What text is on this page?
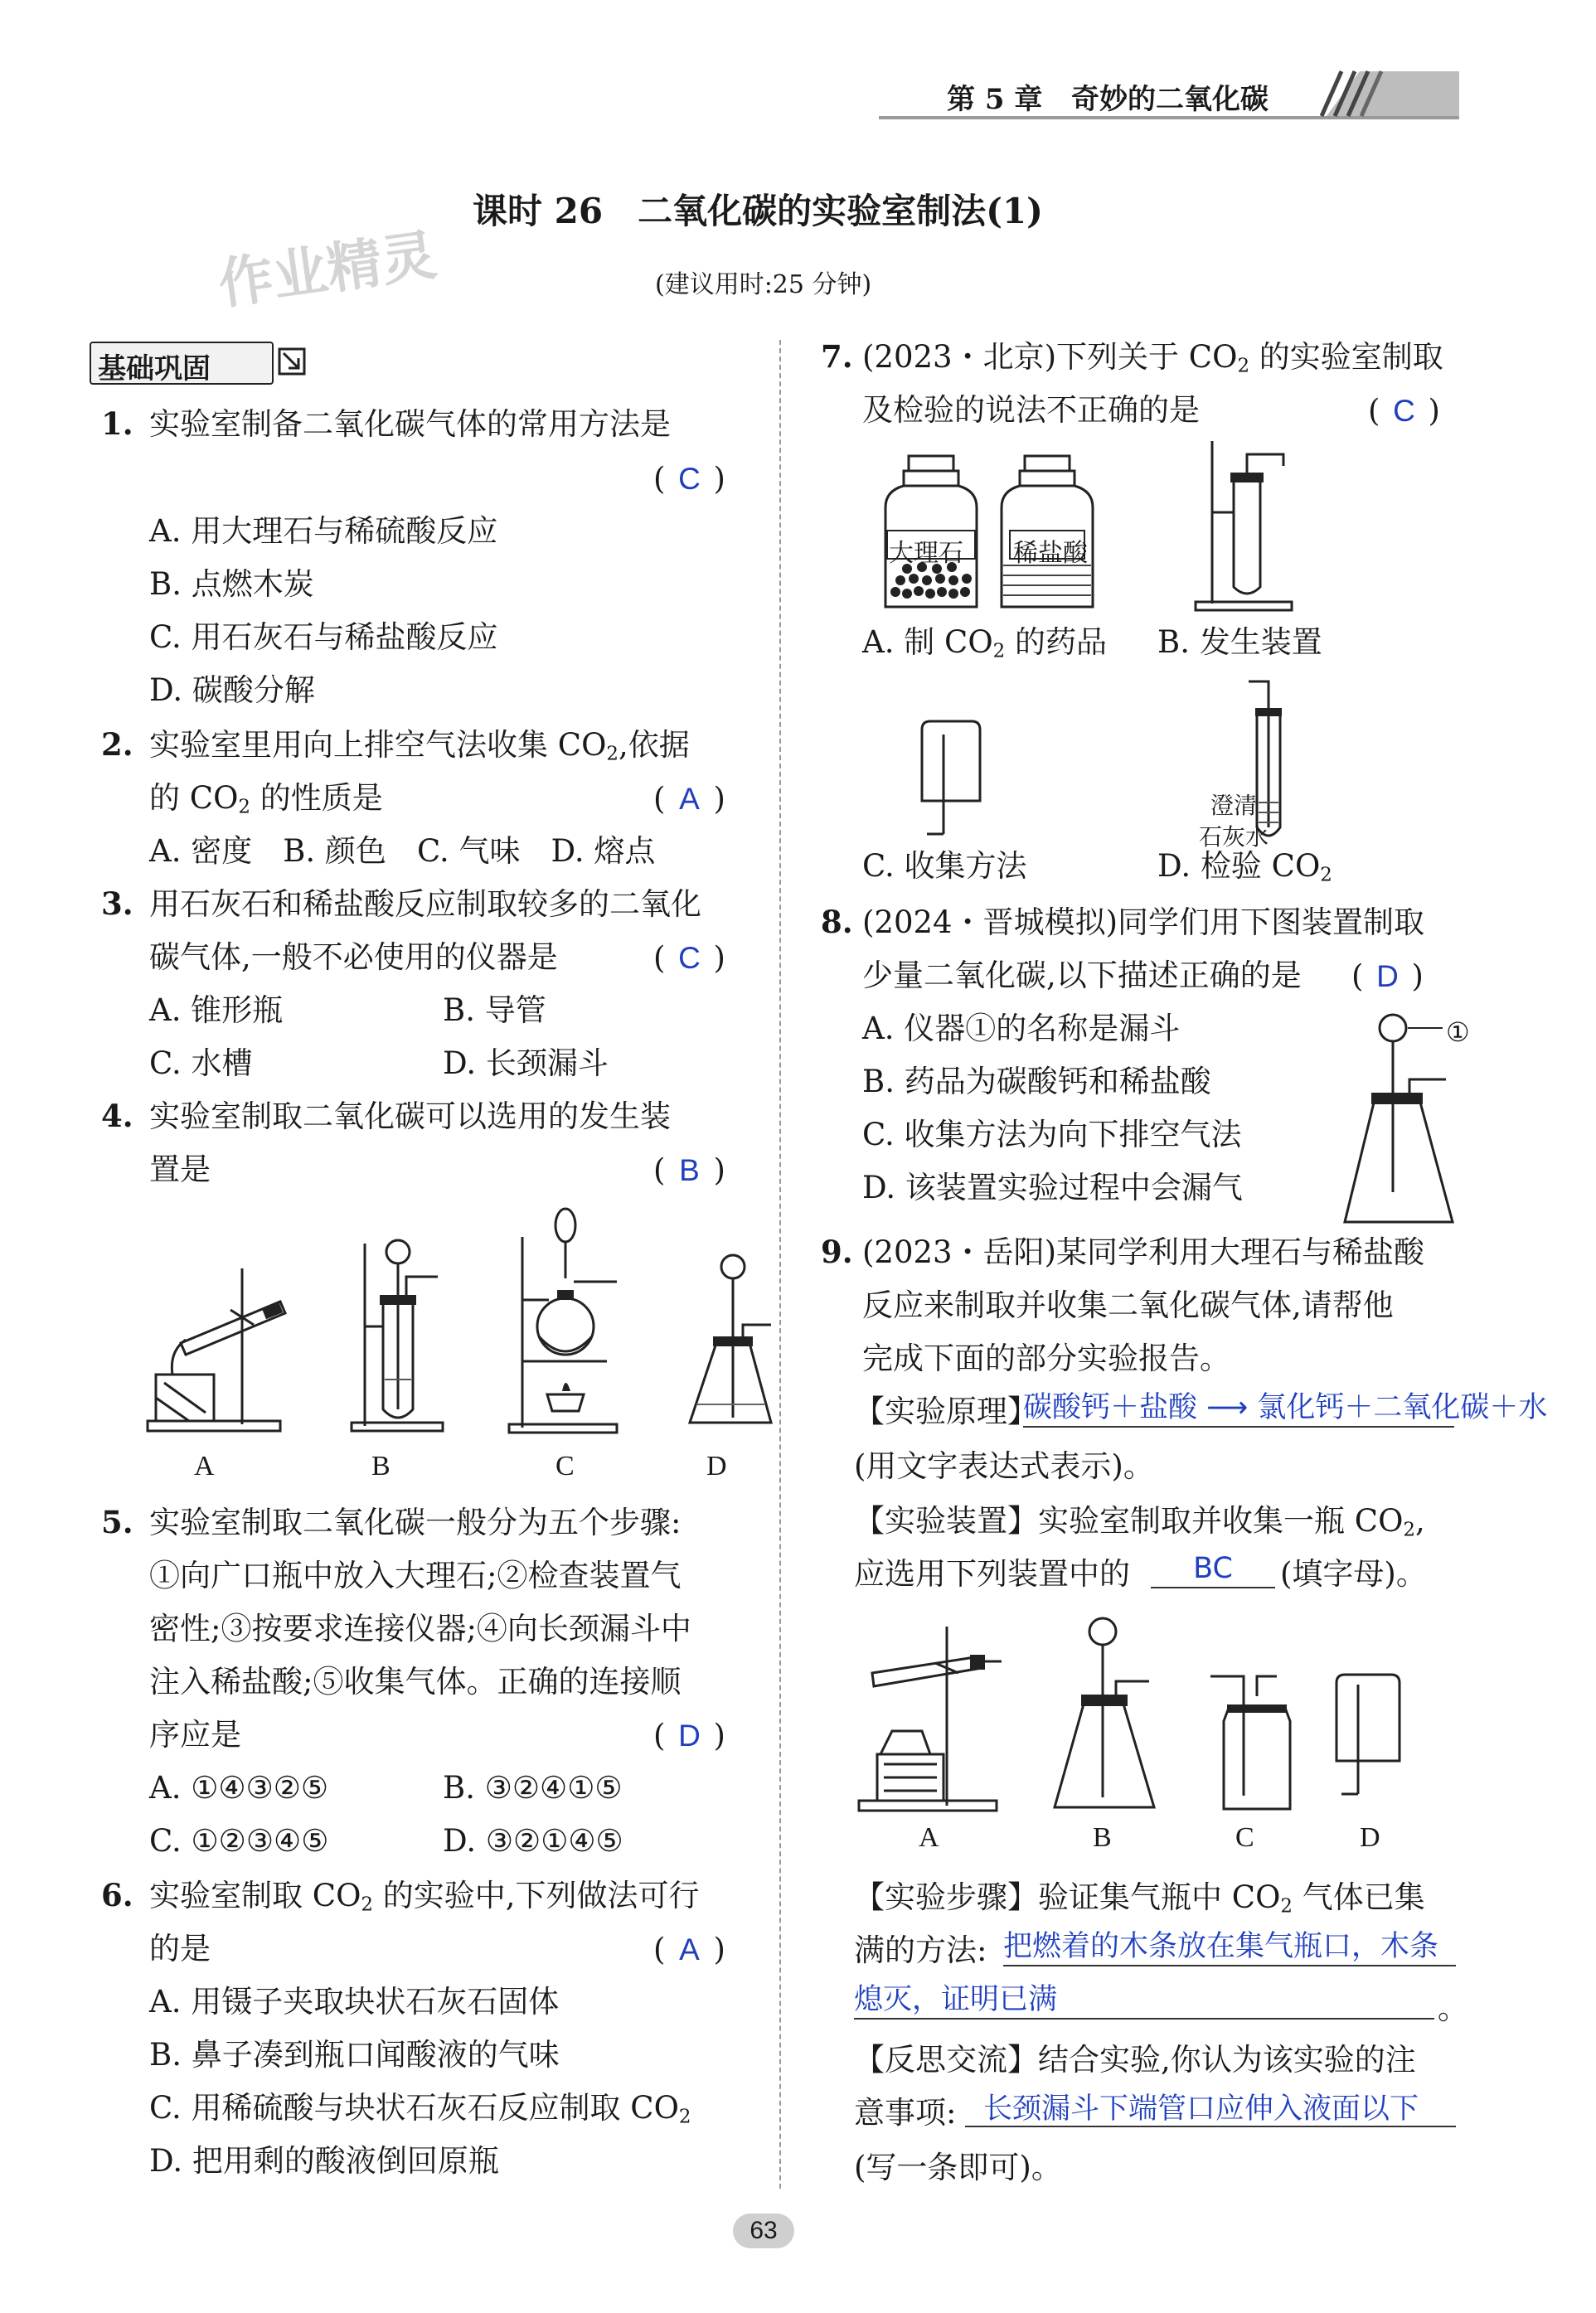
第 5 章 奇妙的二氧化碳
作业精灵
课时 26　二氧化碳的实验室制法(1)
(建议用时:25 分钟)
基础巩固
1. 实验室制备二氧化碳气体的常用方法是
( C )
A. 用大理石与稀硫酸反应
B. 点燃木炭
C. 用石灰石与稀盐酸反应
D. 碳酸分解
2. 实验室里用向上排空气法收集 $CO_2$,依据
的 $CO_2$ 的性质是	( A )
A. 密度　B. 颜色　C. 气味　D. 熔点
3. 用石灰石和稀盐酸反应制取较多的二氧化
碳气体,一般不必使用的仪器是	( C )
A. 锥形瓶	B. 导管
C. 水槽	D. 长颈漏斗
4. 实验室制取二氧化碳可以选用的发生装
置是	( B )
A	B	C	D
5. 实验室制取二氧化碳一般分为五个步骤:
①向广口瓶中放入大理石;②检查装置气
密性;③按要求连接仪器;④向长颈漏斗中
注入稀盐酸;⑤收集气体。正确的连接顺
序应是	( D )
A. ①④③②⑤	B. ③②④①⑤
C. ①②③④⑤	D. ③②①④⑤
6. 实验室制取 $CO_2$ 的实验中,下列做法可行
的是	( A )
A. 用镊子夹取块状石灰石固体
B. 鼻子凑到瓶口闻酸液的气味
C. 用稀硫酸与块状石灰石反应制取 $CO_2$
D. 把用剩的酸液倒回原瓶
7. (2023・北京)下列关于 $CO_2$ 的实验室制取
及检验的说法不正确的是	( C )
大理石 稀盐酸
A. 制 $CO_2$ 的药品 B. 发生装置
澄清
石灰水
C. 收集方法	D. 检验 $CO_2$
8. (2024・晋城模拟)同学们用下图装置制取
少量二氧化碳,以下描述正确的是 ( D )
A. 仪器①的名称是漏斗
B. 药品为碳酸钙和稀盐酸
C. 收集方法为向下排空气法
D. 该装置实验过程中会漏气
①
9. (2023・岳阳)某同学利用大理石与稀盐酸
反应来制取并收集二氧化碳气体,请帮他
完成下面的部分实验报告。
【实验原理】
碳酸钙＋盐酸 ⟶ 氯化钙＋二氧化碳＋水
(用文字表达式表示)。
【实验装置】实验室制取并收集一瓶 $CO_2$,
应选用下列装置中的	BC	(填字母)。
A	B	C	D
【实验步骤】验证集气瓶中 $CO_2$ 气体已集
满的方法: 把燃着的木条放在集气瓶口，木条
熄灭，证明已满	。
【反思交流】结合实验,你认为该实验的注
意事项: 长颈漏斗下端管口应伸入液面以下
(写一条即可)。
63
